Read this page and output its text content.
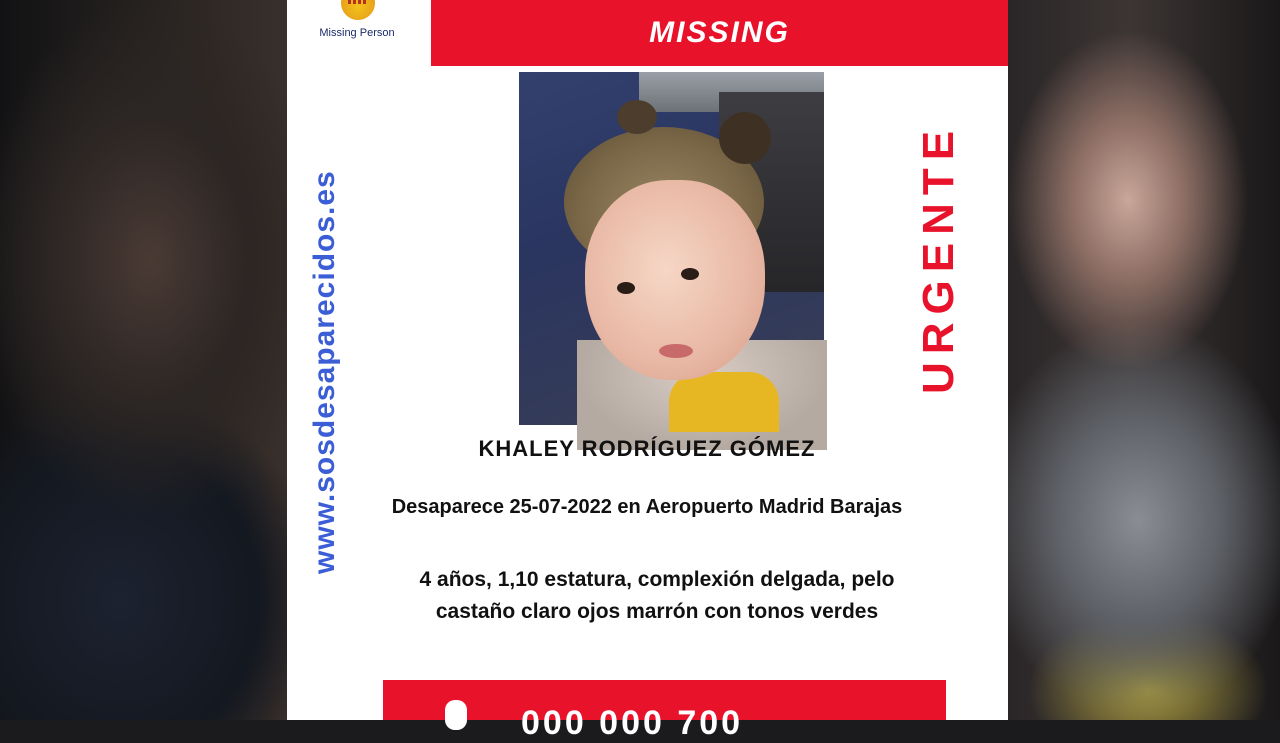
Missing Person	MISSING
www.sosdesaparecidos.es	URGENTE
KHALEY RODRÍGUEZ GÓMEZ
Desaparece 25-07-2022 en Aeropuerto Madrid Barajas
4 años, 1,10 estatura, complexión delgada, pelo
castaño claro ojos marrón con tonos verdes
000 000 700
